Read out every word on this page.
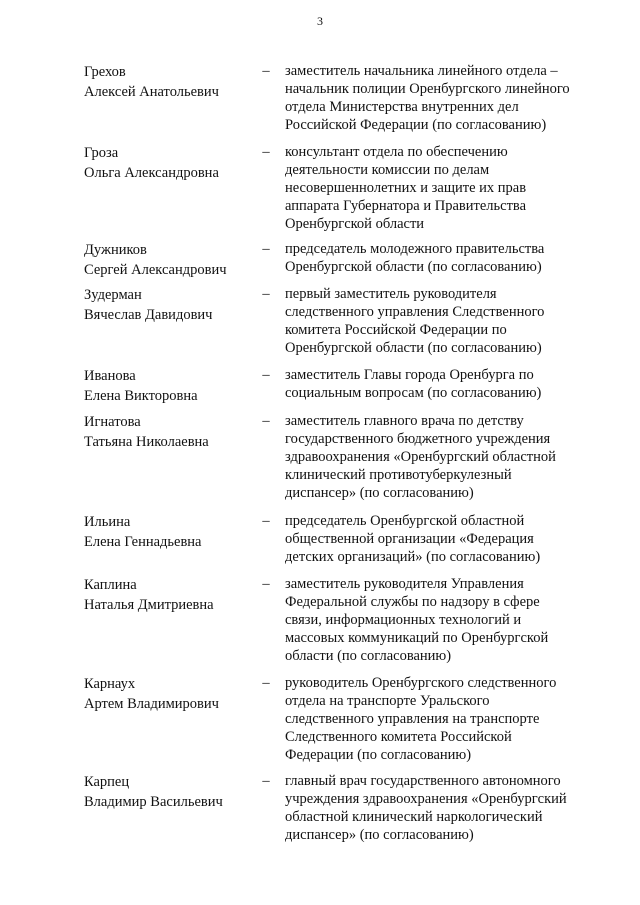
3
Грехов
Алексей Анатольевич
– заместитель начальника линейного отдела –
начальник полиции Оренбургского линейного
отдела Министерства внутренних дел
Российской Федерации (по согласованию)
Гроза
Ольга Александровна
– консультант отдела по обеспечению
деятельности комиссии по делам
несовершеннолетних и защите их прав
аппарата Губернатора и Правительства
Оренбургской области
Дужников
Сергей Александрович
– председатель молодежного правительства
Оренбургской области (по согласованию)
Зудерман
Вячеслав Давидович
– первый заместитель руководителя
следственного управления Следственного
комитета Российской Федерации по
Оренбургской области (по согласованию)
Иванова
Елена Викторовна
– заместитель Главы города Оренбурга по
социальным вопросам (по согласованию)
Игнатова
Татьяна Николаевна
– заместитель главного врача по детству
государственного бюджетного учреждения
здравоохранения «Оренбургский областной
клинический противотуберкулезный
диспансер» (по согласованию)
Ильина
Елена Геннадьевна
– председатель Оренбургской областной
общественной организации «Федерация
детских организаций» (по согласованию)
Каплина
Наталья Дмитриевна
– заместитель руководителя Управления
Федеральной службы по надзору в сфере
связи, информационных технологий и
массовых коммуникаций по Оренбургской
области (по согласованию)
Карнаух
Артем Владимирович
– руководитель Оренбургского следственного
отдела на транспорте Уральского
следственного управления на транспорте
Следственного комитета Российской
Федерации (по согласованию)
Карпец
Владимир Васильевич
– главный врач государственного автономного
учреждения здравоохранения «Оренбургский
областной клинический наркологический
диспансер» (по согласованию)
